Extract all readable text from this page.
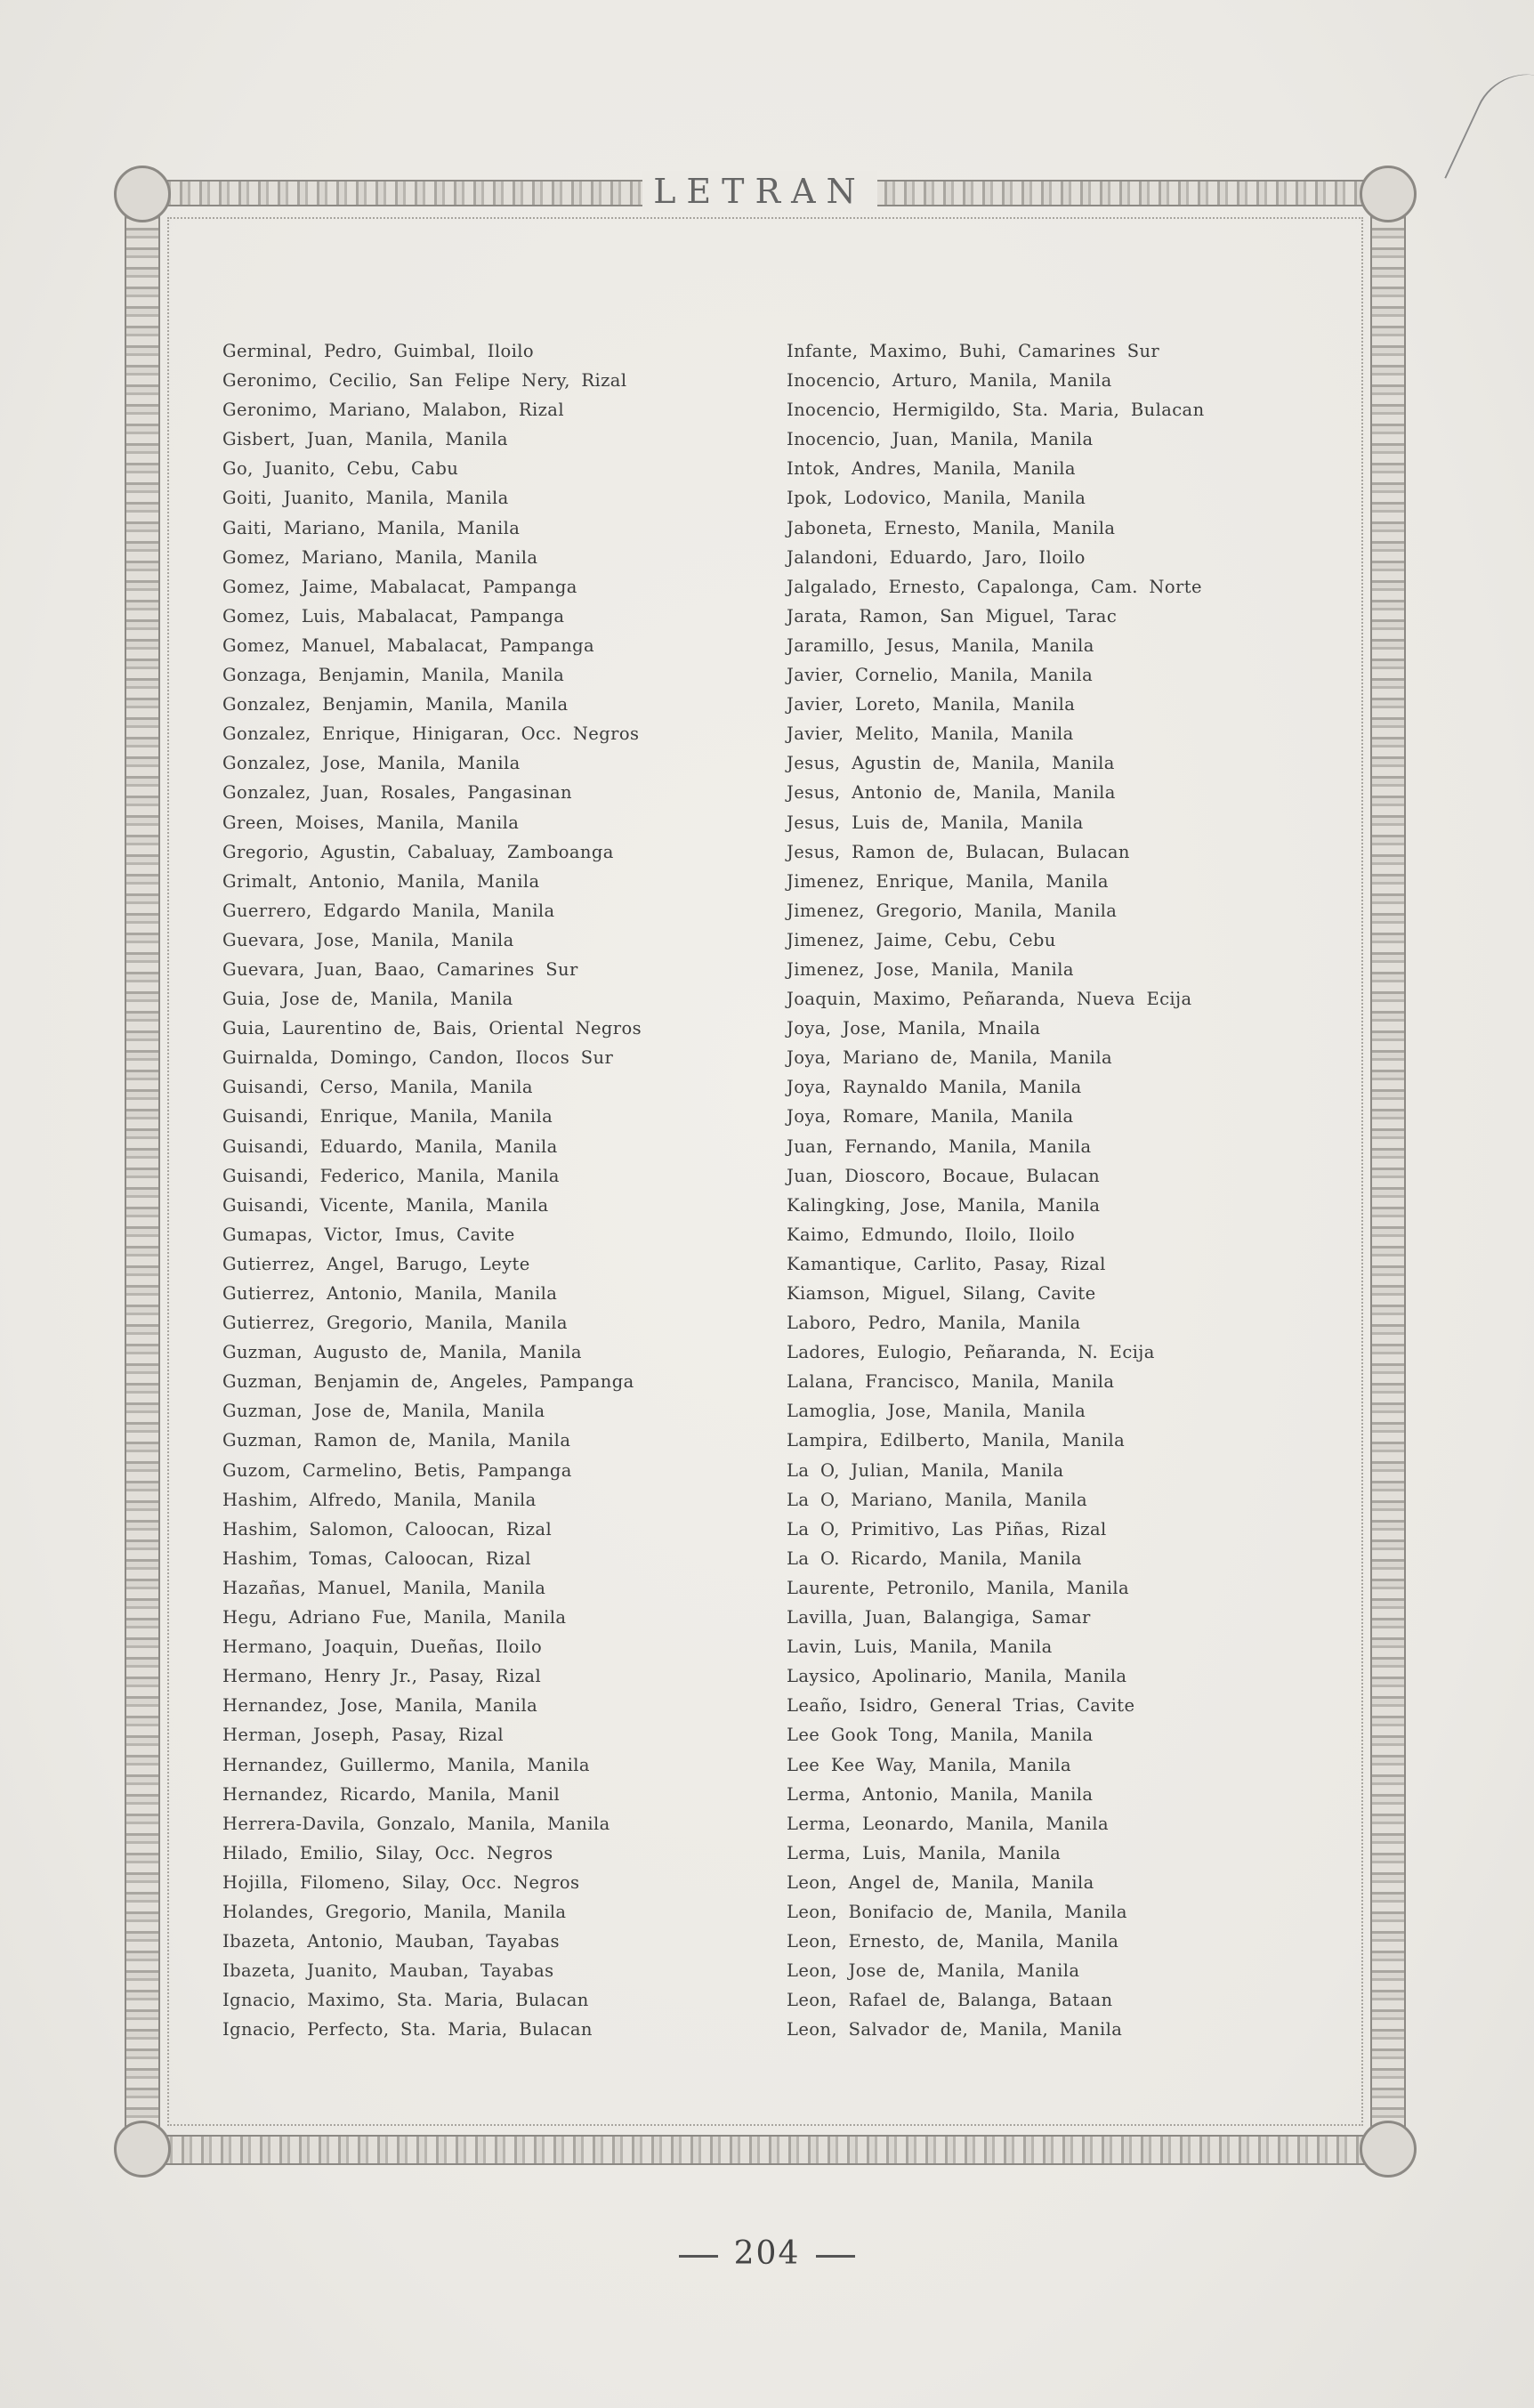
LETRAN
Germinal, Pedro, Guimbal, Iloilo
Geronimo, Cecilio, San Felipe Nery, Rizal
Geronimo, Mariano, Malabon, Rizal
Gisbert, Juan, Manila, Manila
Go, Juanito, Cebu, Cabu
Goiti, Juanito, Manila, Manila
Gaiti, Mariano, Manila, Manila
Gomez, Mariano, Manila, Manila
Gomez, Jaime, Mabalacat, Pampanga
Gomez, Luis, Mabalacat, Pampanga
Gomez, Manuel, Mabalacat, Pampanga
Gonzaga, Benjamin, Manila, Manila
Gonzalez, Benjamin, Manila, Manila
Gonzalez, Enrique, Hinigaran, Occ. Negros
Gonzalez, Jose, Manila, Manila
Gonzalez, Juan, Rosales, Pangasinan
Green, Moises, Manila, Manila
Gregorio, Agustin, Cabaluay, Zamboanga
Grimalt, Antonio, Manila, Manila
Guerrero, Edgardo Manila, Manila
Guevara, Jose, Manila, Manila
Guevara, Juan, Baao, Camarines Sur
Guia, Jose de, Manila, Manila
Guia, Laurentino de, Bais, Oriental Negros
Guirnalda, Domingo, Candon, Ilocos Sur
Guisandi, Cerso, Manila, Manila
Guisandi, Enrique, Manila, Manila
Guisandi, Eduardo, Manila, Manila
Guisandi, Federico, Manila, Manila
Guisandi, Vicente, Manila, Manila
Gumapas, Victor, Imus, Cavite
Gutierrez, Angel, Barugo, Leyte
Gutierrez, Antonio, Manila, Manila
Gutierrez, Gregorio, Manila, Manila
Guzman, Augusto de, Manila, Manila
Guzman, Benjamin de, Angeles, Pampanga
Guzman, Jose de, Manila, Manila
Guzman, Ramon de, Manila, Manila
Guzom, Carmelino, Betis, Pampanga
Hashim, Alfredo, Manila, Manila
Hashim, Salomon, Caloocan, Rizal
Hashim, Tomas, Caloocan, Rizal
Hazañas, Manuel, Manila, Manila
Hegu, Adriano Fue, Manila, Manila
Hermano, Joaquin, Dueñas, Iloilo
Hermano, Henry Jr., Pasay, Rizal
Hernandez, Jose, Manila, Manila
Herman, Joseph, Pasay, Rizal
Hernandez, Guillermo, Manila, Manila
Hernandez, Ricardo, Manila, Manil
Herrera-Davila, Gonzalo, Manila, Manila
Hilado, Emilio, Silay, Occ. Negros
Hojilla, Filomeno, Silay, Occ. Negros
Holandes, Gregorio, Manila, Manila
Ibazeta, Antonio, Mauban, Tayabas
Ibazeta, Juanito, Mauban, Tayabas
Ignacio, Maximo, Sta. Maria, Bulacan
Ignacio, Perfecto, Sta. Maria, Bulacan
Infante, Maximo, Buhi, Camarines Sur
Inocencio, Arturo, Manila, Manila
Inocencio, Hermigildo, Sta. Maria, Bulacan
Inocencio, Juan, Manila, Manila
Intok, Andres, Manila, Manila
Ipok, Lodovico, Manila, Manila
Jaboneta, Ernesto, Manila, Manila
Jalandoni, Eduardo, Jaro, Iloilo
Jalgalado, Ernesto, Capalonga, Cam. Norte
Jarata, Ramon, San Miguel, Tarac
Jaramillo, Jesus, Manila, Manila
Javier, Cornelio, Manila, Manila
Javier, Loreto, Manila, Manila
Javier, Melito, Manila, Manila
Jesus, Agustin de, Manila, Manila
Jesus, Antonio de, Manila, Manila
Jesus, Luis de, Manila, Manila
Jesus, Ramon de, Bulacan, Bulacan
Jimenez, Enrique, Manila, Manila
Jimenez, Gregorio, Manila, Manila
Jimenez, Jaime, Cebu, Cebu
Jimenez, Jose, Manila, Manila
Joaquin, Maximo, Peñaranda, Nueva Ecija
Joya, Jose, Manila, Mnaila
Joya, Mariano de, Manila, Manila
Joya, Raynaldo Manila, Manila
Joya, Romare, Manila, Manila
Juan, Fernando, Manila, Manila
Juan, Dioscoro, Bocaue, Bulacan
Kalingking, Jose, Manila, Manila
Kaimo, Edmundo, Iloilo, Iloilo
Kamantique, Carlito, Pasay, Rizal
Kiamson, Miguel, Silang, Cavite
Laboro, Pedro, Manila, Manila
Ladores, Eulogio, Peñaranda, N. Ecija
Lalana, Francisco, Manila, Manila
Lamoglia, Jose, Manila, Manila
Lampira, Edilberto, Manila, Manila
La O, Julian, Manila, Manila
La O, Mariano, Manila, Manila
La O, Primitivo, Las Piñas, Rizal
La O. Ricardo, Manila, Manila
Laurente, Petronilo, Manila, Manila
Lavilla, Juan, Balangiga, Samar
Lavin, Luis, Manila, Manila
Laysico, Apolinario, Manila, Manila
Leaño, Isidro, General Trias, Cavite
Lee Gook Tong, Manila, Manila
Lee Kee Way, Manila, Manila
Lerma, Antonio, Manila, Manila
Lerma, Leonardo, Manila, Manila
Lerma, Luis, Manila, Manila
Leon, Angel de, Manila, Manila
Leon, Bonifacio de, Manila, Manila
Leon, Ernesto, de, Manila, Manila
Leon, Jose de, Manila, Manila
Leon, Rafael de, Balanga, Bataan
Leon, Salvador de, Manila, Manila
204
